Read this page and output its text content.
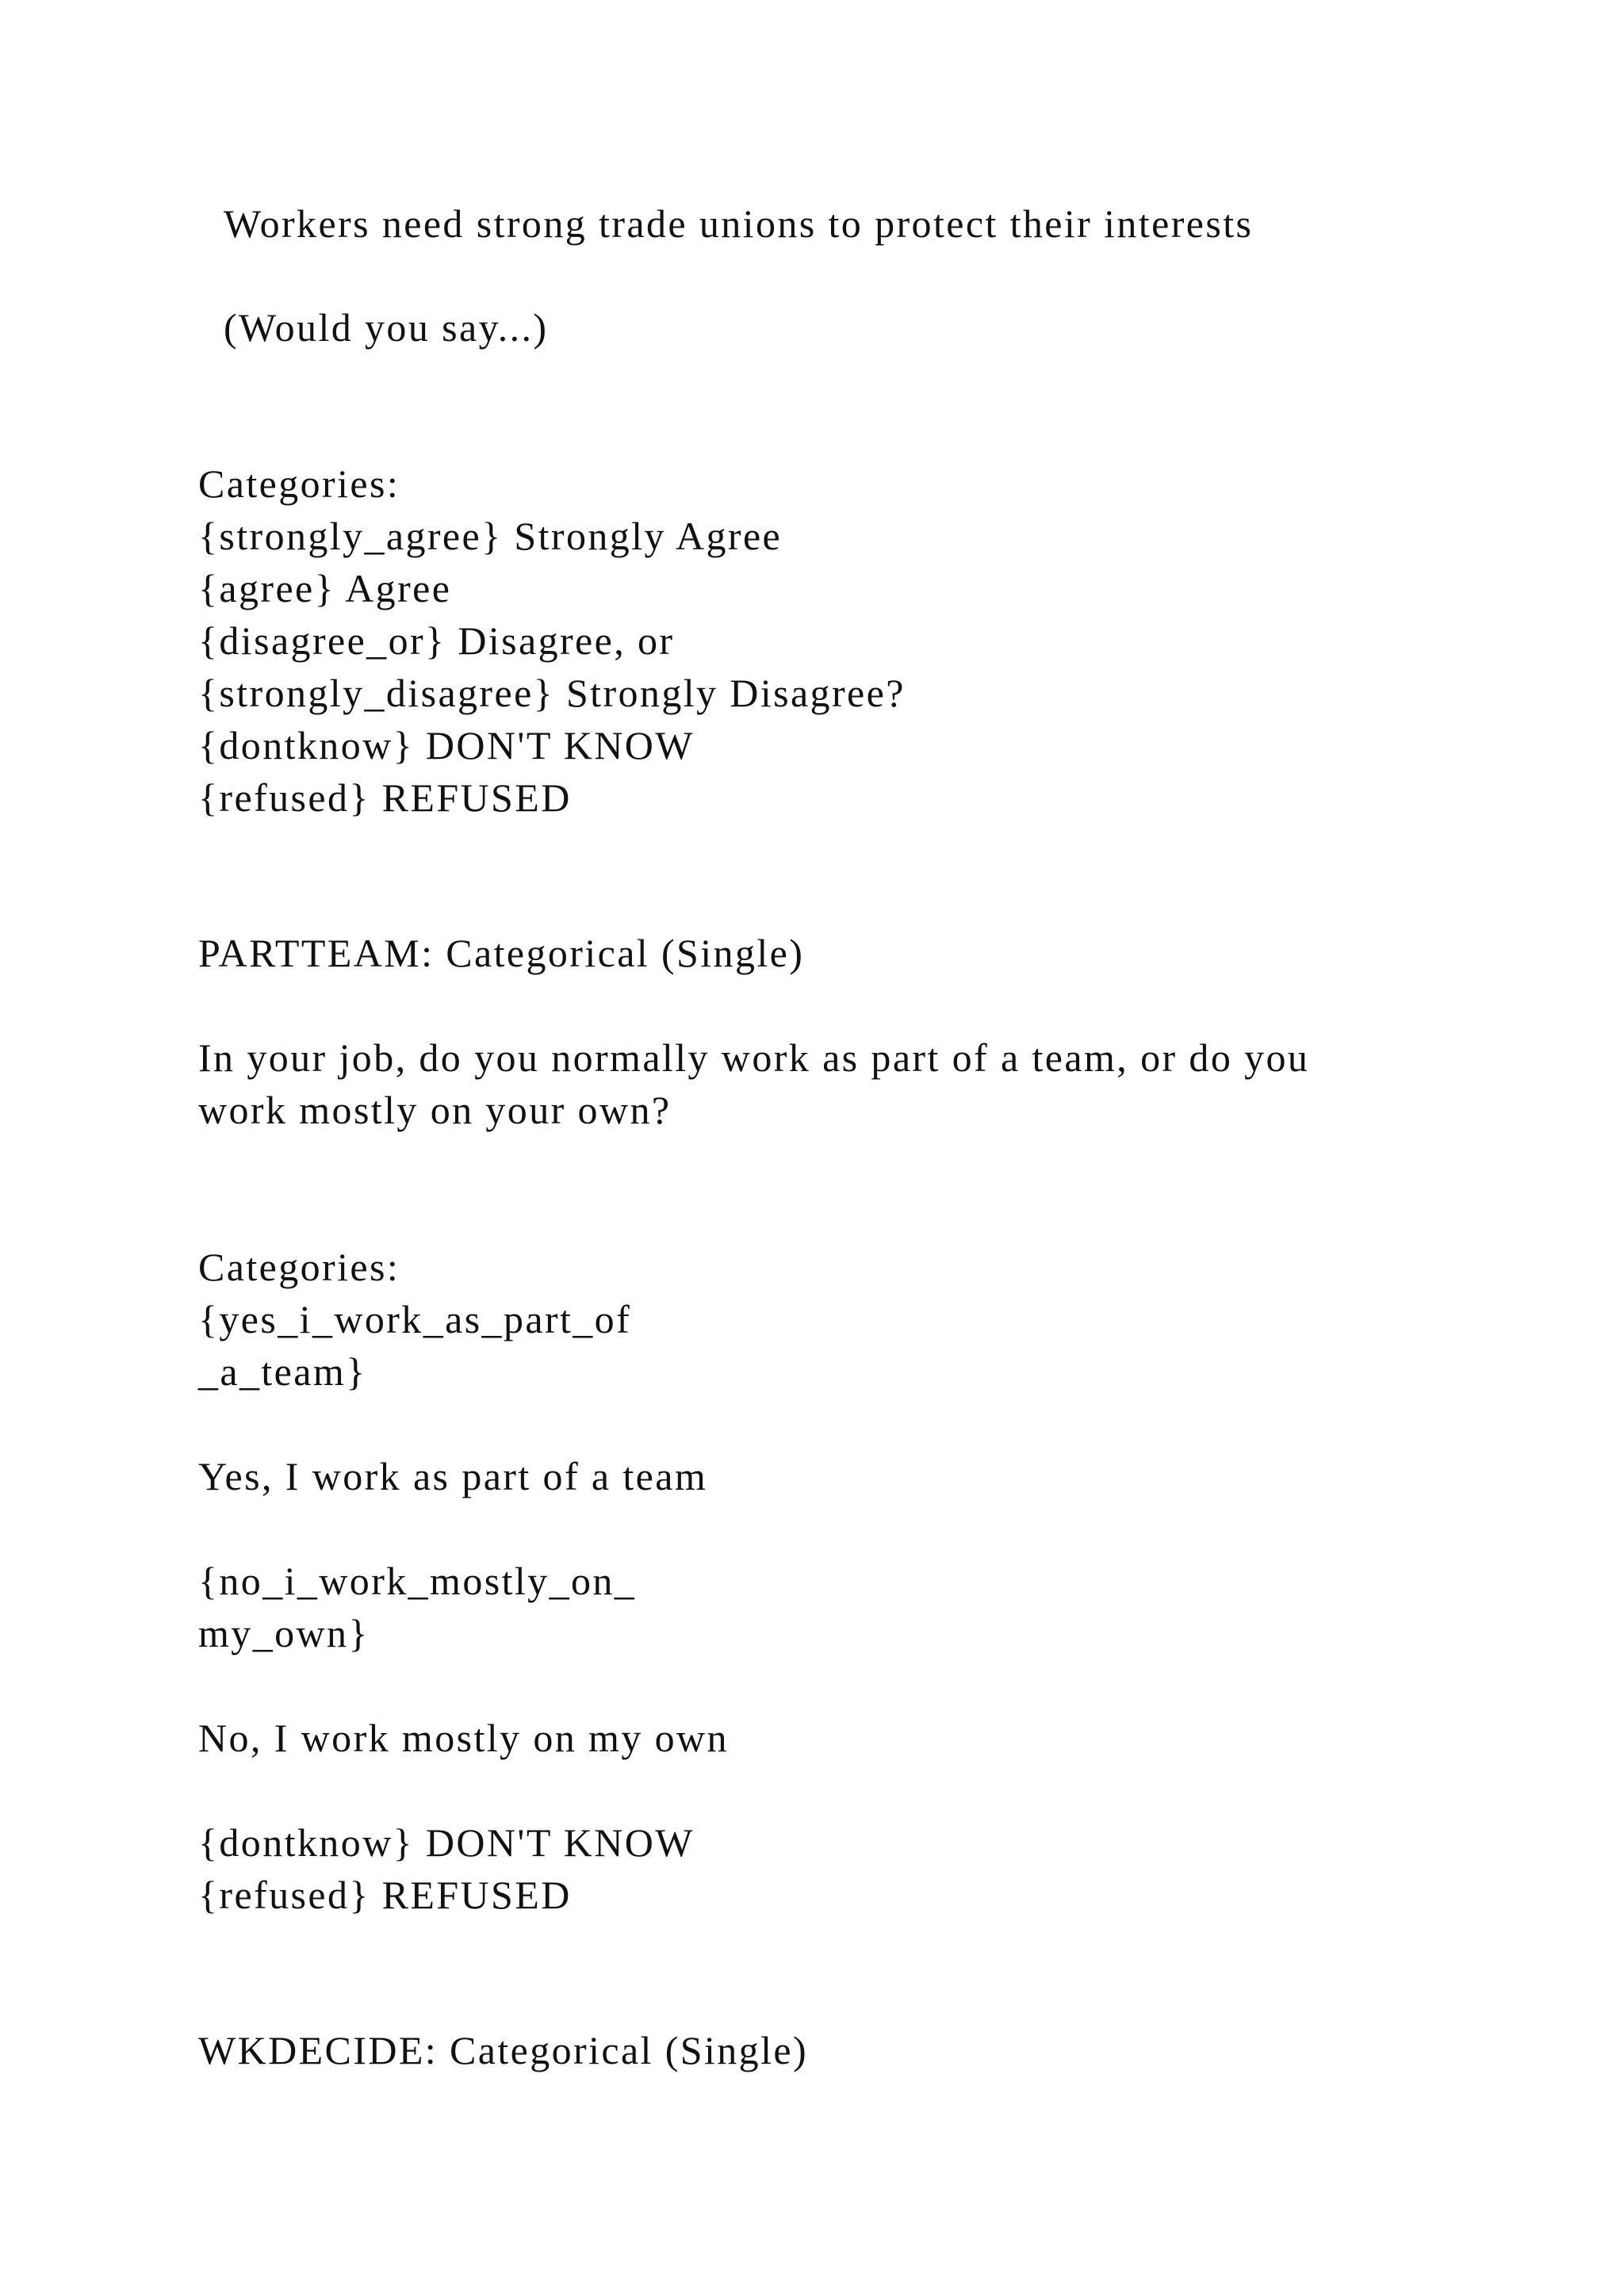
Workers need strong trade unions to protect their interests

(Would you say...)

Categories:

{strongly_agree} Strongly Agree

{agree} Agree

{disagree_or} Disagree, or

{strongly_disagree} Strongly Disagree?

{dontknow} DON'T KNOW

{refused} REFUSED

PARTTEAM: Categorical (Single)

In your job, do you normally work as part of a team, or do you

work mostly on your own?

Categories:

{yes_i_work_as_part_of

_a_team}

Yes, I work as part of a team

{no_i_work_mostly_on_

my_own}

No, I work mostly on my own

{dontknow} DON'T KNOW

{refused} REFUSED

WKDECIDE: Categorical (Single)
